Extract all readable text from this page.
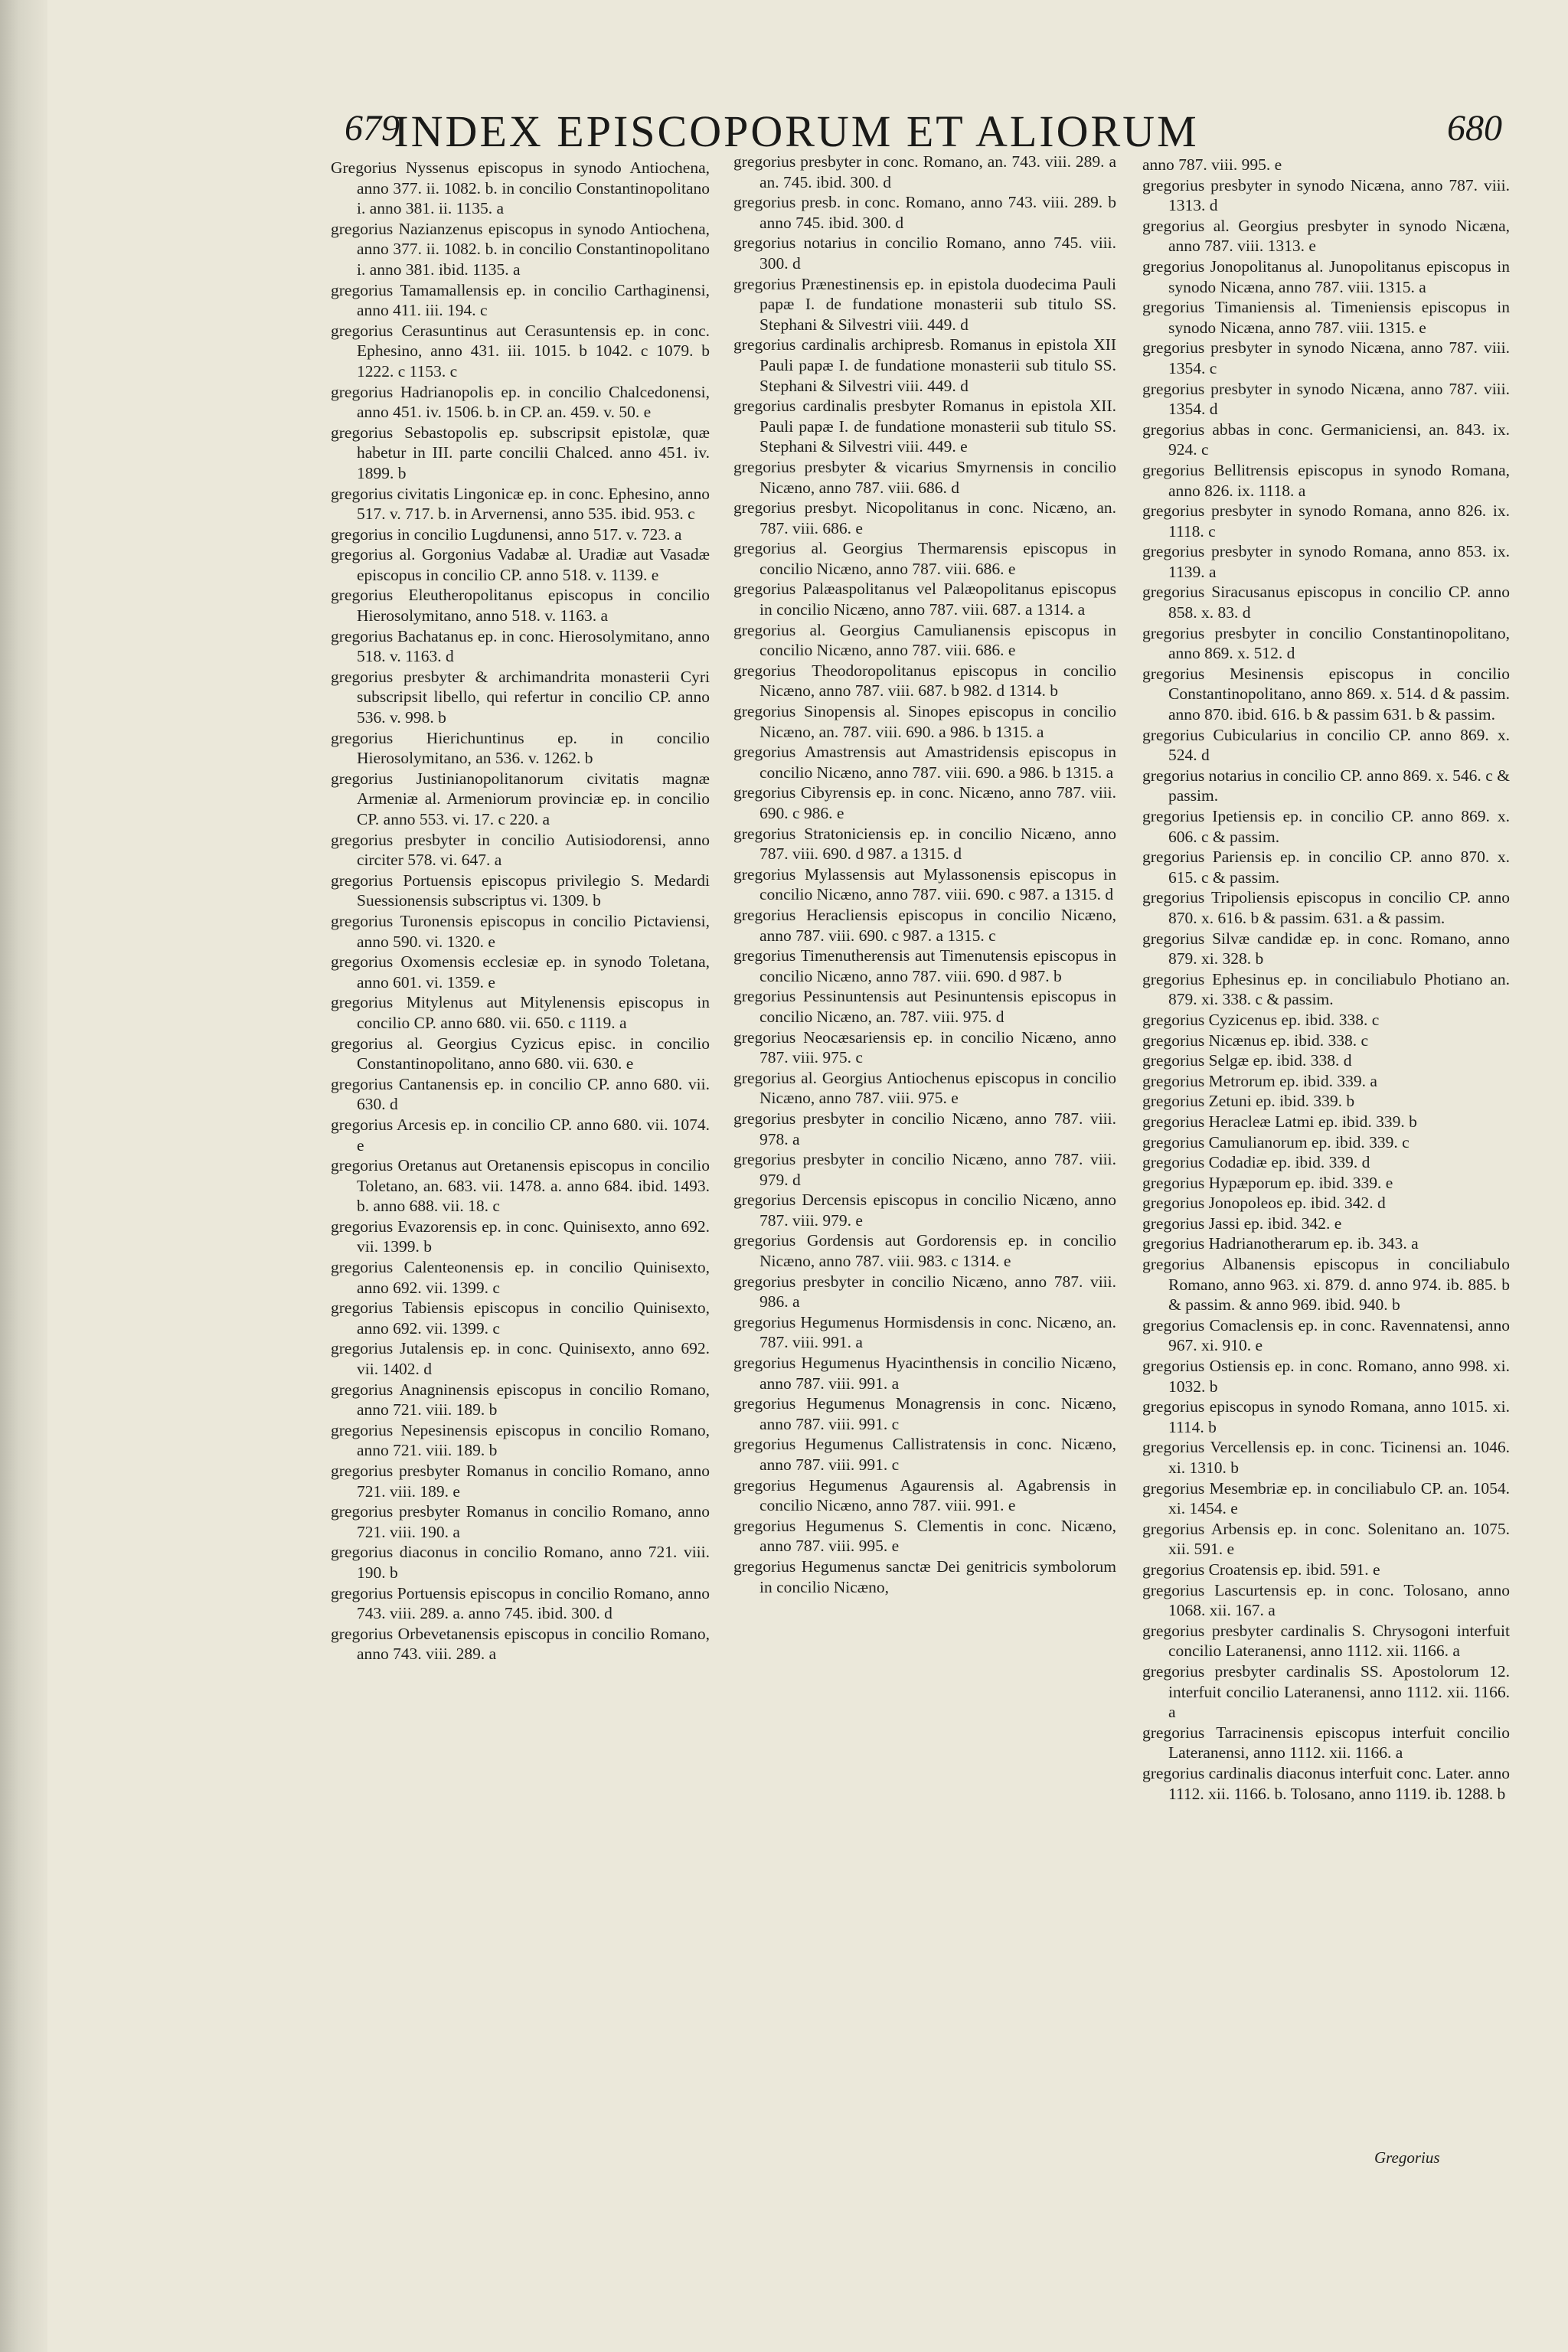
679
INDEX EPISCOPORUM ET ALIORUM	680

Gregorius Nyssenus episcopus in synodo Antiochena, anno 377. ii. 1082. b. in concilio Constantinopolitano i. anno 381. ii. 1135. a

gregorius Nazianzenus episcopus in synodo Antiochena, anno 377. ii. 1082. b. in concilio Constantinopolitano i. anno 381. ibid. 1135. a

gregorius Tamamallensis ep. in concilio Carthaginensi, anno 411. iii. 194. c

gregorius Cerasuntinus aut Cerasuntensis ep. in conc. Ephesino, anno 431. iii. 1015. b 1042. c 1079. b 1222. c 1153. c

gregorius Hadrianopolis ep. in concilio Chalcedonensi, anno 451. iv. 1506. b. in CP. an. 459. v. 50. e

gregorius Sebastopolis ep. subscripsit epistolæ, quæ habetur in III. parte concilii Chalced. anno 451. iv. 1899. b

gregorius civitatis Lingonicæ ep. in conc. Ephesino, anno 517. v. 717. b. in Arvernensi, anno 535. ibid. 953. c

gregorius in concilio Lugdunensi, anno 517. v. 723. a

gregorius al. Gorgonius Vadabæ al. Uradiæ aut Vasadæ episcopus in concilio CP. anno 518. v. 1139. e

gregorius Eleutheropolitanus episcopus in concilio Hierosolymitano, anno 518. v. 1163. a

gregorius Bachatanus ep. in conc. Hierosolymitano, anno 518. v. 1163. d

gregorius presbyter & archimandrita monasterii Cyri subscripsit libello, qui refertur in concilio CP. anno 536. v. 998. b

gregorius Hierichuntinus ep. in concilio Hierosolymitano, an 536. v. 1262. b

gregorius Justinianopolitanorum civitatis magnæ Armeniæ al. Armeniorum provinciæ ep. in concilio CP. anno 553. vi. 17. c 220. a

gregorius presbyter in concilio Autisiodorensi, anno circiter 578. vi. 647. a

gregorius Portuensis episcopus privilegio S. Medardi Suessionensis subscriptus vi. 1309. b

gregorius Turonensis episcopus in concilio Pictaviensi, anno 590. vi. 1320. e

gregorius Oxomensis ecclesiæ ep. in synodo Toletana, anno 601. vi. 1359. e

gregorius Mitylenus aut Mitylenensis episcopus in concilio CP. anno 680. vii. 650. c 1119. a

gregorius al. Georgius Cyzicus episc. in concilio Constantinopolitano, anno 680. vii. 630. e

gregorius Cantanensis ep. in concilio CP. anno 680. vii. 630. d

gregorius Arcesis ep. in concilio CP. anno 680. vii. 1074. e

gregorius Oretanus aut Oretanensis episcopus in concilio Toletano, an. 683. vii. 1478. a. anno 684. ibid. 1493. b. anno 688. vii. 18. c

gregorius Evazorensis ep. in conc. Quinisexto, anno 692. vii. 1399. b

gregorius Calenteonensis ep. in concilio Quinisexto, anno 692. vii. 1399. c

gregorius Tabiensis episcopus in concilio Quinisexto, anno 692. vii. 1399. c

gregorius Jutalensis ep. in conc. Quinisexto, anno 692. vii. 1402. d

gregorius Anagninensis episcopus in concilio Romano, anno 721. viii. 189. b

gregorius Nepesinensis episcopus in concilio Romano, anno 721. viii. 189. b

gregorius presbyter Romanus in concilio Romano, anno 721. viii. 189. e

gregorius presbyter Romanus in concilio Romano, anno 721. viii. 190. a

gregorius diaconus in concilio Romano, anno 721. viii. 190. b

gregorius Portuensis episcopus in concilio Romano, anno 743. viii. 289. a. anno 745. ibid. 300. d

gregorius Orbevetanensis episcopus in concilio Romano, anno 743. viii. 289. a

gregorius presbyter in conc. Romano, an. 743. viii. 289. a an. 745. ibid. 300. d

gregorius presb. in conc. Romano, anno 743. viii. 289. b anno 745. ibid. 300. d

gregorius notarius in concilio Romano, anno 745. viii. 300. d

gregorius Prænestinensis ep. in epistola duodecima Pauli papæ I. de fundatione monasterii sub titulo SS. Stephani & Silvestri viii. 449. d

gregorius cardinalis archipresb. Romanus in epistola XII Pauli papæ I. de fundatione monasterii sub titulo SS. Stephani & Silvestri viii. 449. d

gregorius cardinalis presbyter Romanus in epistola XII. Pauli papæ I. de fundatione monasterii sub titulo SS. Stephani & Silvestri viii. 449. e

gregorius presbyter & vicarius Smyrnensis in concilio Nicæno, anno 787. viii. 686. d

gregorius presbyt. Nicopolitanus in conc. Nicæno, an. 787. viii. 686. e

gregorius al. Georgius Thermarensis episcopus in concilio Nicæno, anno 787. viii. 686. e

gregorius Palæaspolitanus vel Palæopolitanus episcopus in concilio Nicæno, anno 787. viii. 687. a 1314. a

gregorius al. Georgius Camulianensis episcopus in concilio Nicæno, anno 787. viii. 686. e

gregorius Theodoropolitanus episcopus in concilio Nicæno, anno 787. viii. 687. b 982. d 1314. b

gregorius Sinopensis al. Sinopes episcopus in concilio Nicæno, an. 787. viii. 690. a 986. b 1315. a

gregorius Amastrensis aut Amastridensis episcopus in concilio Nicæno, anno 787. viii. 690. a 986. b 1315. a

gregorius Cibyrensis ep. in conc. Nicæno, anno 787. viii. 690. c 986. e

gregorius Stratoniciensis ep. in concilio Nicæno, anno 787. viii. 690. d 987. a 1315. d

gregorius Mylassensis aut Mylassonensis episcopus in concilio Nicæno, anno 787. viii. 690. c 987. a 1315. d

gregorius Heracliensis episcopus in concilio Nicæno, anno 787. viii. 690. c 987. a 1315. c

gregorius Timenutherensis aut Timenutensis episcopus in concilio Nicæno, anno 787. viii. 690. d 987. b

gregorius Pessinuntensis aut Pesinuntensis episcopus in concilio Nicæno, an. 787. viii. 975. d

gregorius Neocæsariensis ep. in concilio Nicæno, anno 787. viii. 975. c

gregorius al. Georgius Antiochenus episcopus in concilio Nicæno, anno 787. viii. 975. e

gregorius presbyter in concilio Nicæno, anno 787. viii. 978. a

gregorius presbyter in concilio Nicæno, anno 787. viii. 979. d

gregorius Dercensis episcopus in concilio Nicæno, anno 787. viii. 979. e

gregorius Gordensis aut Gordorensis ep. in concilio Nicæno, anno 787. viii. 983. c 1314. e

gregorius presbyter in concilio Nicæno, anno 787. viii. 986. a

gregorius Hegumenus Hormisdensis in conc. Nicæno, an. 787. viii. 991. a

gregorius Hegumenus Hyacinthensis in concilio Nicæno, anno 787. viii. 991. a

gregorius Hegumenus Monagrensis in conc. Nicæno, anno 787. viii. 991. c

gregorius Hegumenus Callistratensis in conc. Nicæno, anno 787. viii. 991. c

gregorius Hegumenus Agaurensis al. Agabrensis in concilio Nicæno, anno 787. viii. 991. e

gregorius Hegumenus S. Clementis in conc. Nicæno, anno 787. viii. 995. e

gregorius Hegumenus sanctæ Dei genitricis symbolorum in concilio Nicæno,

anno 787. viii. 995. e

gregorius presbyter in synodo Nicæna, anno 787. viii. 1313. d

gregorius al. Georgius presbyter in synodo Nicæna, anno 787. viii. 1313. e

gregorius Jonopolitanus al. Junopolitanus episcopus in synodo Nicæna, anno 787. viii. 1315. a

gregorius Timaniensis al. Timeniensis episcopus in synodo Nicæna, anno 787. viii. 1315. e

gregorius presbyter in synodo Nicæna, anno 787. viii. 1354. c

gregorius presbyter in synodo Nicæna, anno 787. viii. 1354. d

gregorius abbas in conc. Germaniciensi, an. 843. ix. 924. c

gregorius Bellitrensis episcopus in synodo Romana, anno 826. ix. 1118. a

gregorius presbyter in synodo Romana, anno 826. ix. 1118. c

gregorius presbyter in synodo Romana, anno 853. ix. 1139. a

gregorius Siracusanus episcopus in concilio CP. anno 858. x. 83. d

gregorius presbyter in concilio Constantinopolitano, anno 869. x. 512. d

gregorius Mesinensis episcopus in concilio Constantinopolitano, anno 869. x. 514. d & passim. anno 870. ibid. 616. b & passim 631. b & passim.

gregorius Cubicularius in concilio CP. anno 869. x. 524. d

gregorius notarius in concilio CP. anno 869. x. 546. c & passim.

gregorius Ipetiensis ep. in concilio CP. anno 869. x. 606. c & passim.

gregorius Pariensis ep. in concilio CP. anno 870. x. 615. c & passim.

gregorius Tripoliensis episcopus in concilio CP. anno 870. x. 616. b & passim. 631. a & passim.

gregorius Silvæ candidæ ep. in conc. Romano, anno 879. xi. 328. b

gregorius Ephesinus ep. in conciliabulo Photiano an. 879. xi. 338. c & passim.

gregorius Cyzicenus ep. ibid. 338. c

gregorius Nicænus ep. ibid. 338. c

gregorius Selgæ ep. ibid. 338. d

gregorius Metrorum ep. ibid. 339. a

gregorius Zetuni ep. ibid. 339. b

gregorius Heracleæ Latmi ep. ibid. 339. b

gregorius Camulianorum ep. ibid. 339. c

gregorius Codadiæ ep. ibid. 339. d

gregorius Hypæporum ep. ibid. 339. e

gregorius Jonopoleos ep. ibid. 342. d

gregorius Jassi ep. ibid. 342. e

gregorius Hadrianotherarum ep. ib. 343. a

gregorius Albanensis episcopus in conciliabulo Romano, anno 963. xi. 879. d. anno 974. ib. 885. b & passim. & anno 969. ibid. 940. b

gregorius Comaclensis ep. in conc. Ravennatensi, anno 967. xi. 910. e

gregorius Ostiensis ep. in conc. Romano, anno 998. xi. 1032. b

gregorius episcopus in synodo Romana, anno 1015. xi. 1114. b

gregorius Vercellensis ep. in conc. Ticinensi an. 1046. xi. 1310. b

gregorius Mesembriæ ep. in conciliabulo CP. an. 1054. xi. 1454. e

gregorius Arbensis ep. in conc. Solenitano an. 1075. xii. 591. e

gregorius Croatensis ep. ibid. 591. e

gregorius Lascurtensis ep. in conc. Tolosano, anno 1068. xii. 167. a

gregorius presbyter cardinalis S. Chrysogoni interfuit concilio Lateranensi, anno 1112. xii. 1166. a

gregorius presbyter cardinalis SS. Apostolorum 12. interfuit concilio Lateranensi, anno 1112. xii. 1166. a

gregorius Tarracinensis episcopus interfuit concilio Lateranensi, anno 1112. xii. 1166. a

gregorius cardinalis diaconus interfuit conc. Later. anno 1112. xii. 1166. b. Tolosano, anno 1119. ib. 1288. b

Gregorius
